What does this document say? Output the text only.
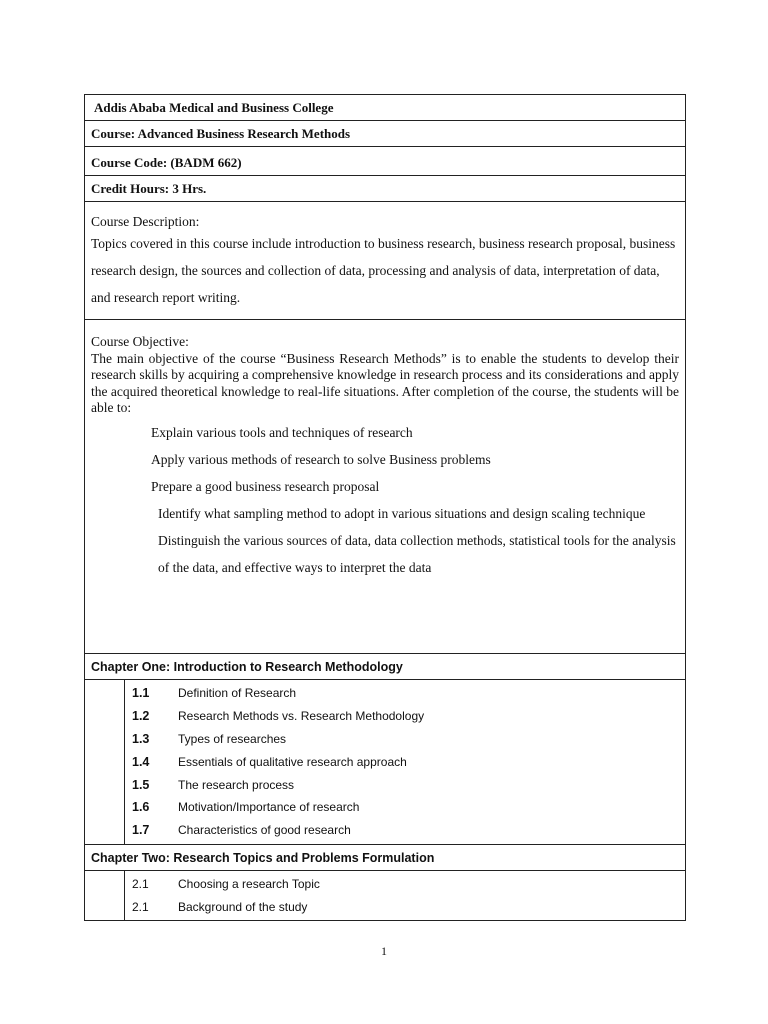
Addis Ababa Medical and Business College
Course: Advanced Business Research Methods
Course Code: (BADM 662)
Credit Hours: 3 Hrs.
Course Description:
Topics covered in this course include introduction to business research, business research proposal, business research design, the sources and collection of data, processing and analysis of data, interpretation of data, and research report writing.
Course Objective:
The main objective of the course “Business Research Methods” is to enable the students to develop their research skills by acquiring a comprehensive knowledge in research process and its considerations and apply the acquired theoretical knowledge to real-life situations. After completion of the course, the students will be able to:
Explain various tools and techniques of research
Apply various methods of research to solve Business problems
Prepare a good business research proposal
Identify what sampling method to adopt in various situations and design scaling technique
Distinguish the various sources of data, data collection methods, statistical tools for the analysis of the data, and effective ways to interpret the data
Chapter One: Introduction to Research Methodology
1.1	Definition of Research
1.2	Research Methods vs. Research Methodology
1.3	Types of researches
1.4	Essentials of qualitative research approach
1.5	The research process
1.6	Motivation/Importance of research
1.7	Characteristics of good research
Chapter Two: Research Topics and Problems Formulation
2.1	Choosing a research Topic
2.1	Background of the study
1
